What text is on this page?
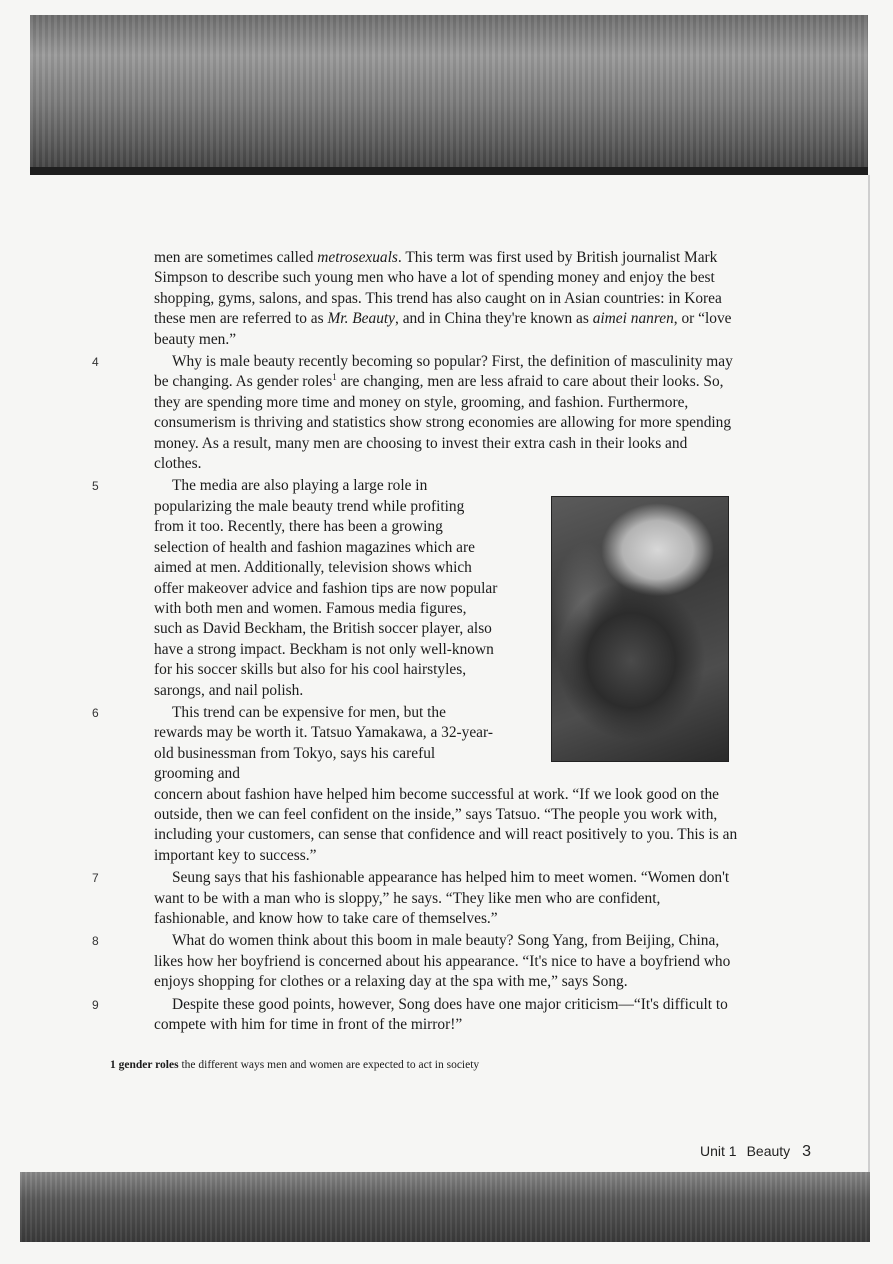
men are sometimes called metrosexuals. This term was first used by British journalist Mark Simpson to describe such young men who have a lot of spending money and enjoy the best shopping, gyms, salons, and spas. This trend has also caught on in Asian countries: in Korea these men are referred to as Mr. Beauty, and in China they're known as aimei nanren, or “love beauty men.”

4	Why is male beauty recently becoming so popular? First, the definition of masculinity may be changing. As gender roles$^1$ are changing, men are less afraid to care about their looks. So, they are spending more time and money on style, grooming, and fashion. Furthermore, consumerism is thriving and statistics show strong economies are allowing for more spending money. As a result, many men are choosing to invest their extra cash in their looks and clothes.

5	The media are also playing a large role in popularizing the male beauty trend while profiting from it too. Recently, there has been a growing selection of health and fashion magazines which are aimed at men. Additionally, television shows which offer makeover advice and fashion tips are now popular with both men and women. Famous media figures, such as David Beckham, the British soccer player, also have a strong impact. Beckham is not only well-known for his soccer skills but also for his cool hairstyles, sarongs, and nail polish.

6	This trend can be expensive for men, but the rewards may be worth it. Tatsuo Yamakawa, a 32-year-old businessman from Tokyo, says his careful grooming and

concern about fashion have helped him become successful at work. “If we look good on the outside, then we can feel confident on the inside,” says Tatsuo. “The people you work with, including your customers, can sense that confidence and will react positively to you. This is an important key to success.”

7	Seung says that his fashionable appearance has helped him to meet women. “Women don't want to be with a man who is sloppy,” he says. “They like men who are confident, fashionable, and know how to take care of themselves.”

8	What do women think about this boom in male beauty? Song Yang, from Beijing, China, likes how her boyfriend is concerned about his appearance. “It's nice to have a boyfriend who enjoys shopping for clothes or a relaxing day at the spa with me,” says Song.

9	Despite these good points, however, Song does have one major criticism—“It's difficult to compete with him for time in front of the mirror!”

1 gender roles the different ways men and women are expected to act in society
Unit 1 Beauty 3
